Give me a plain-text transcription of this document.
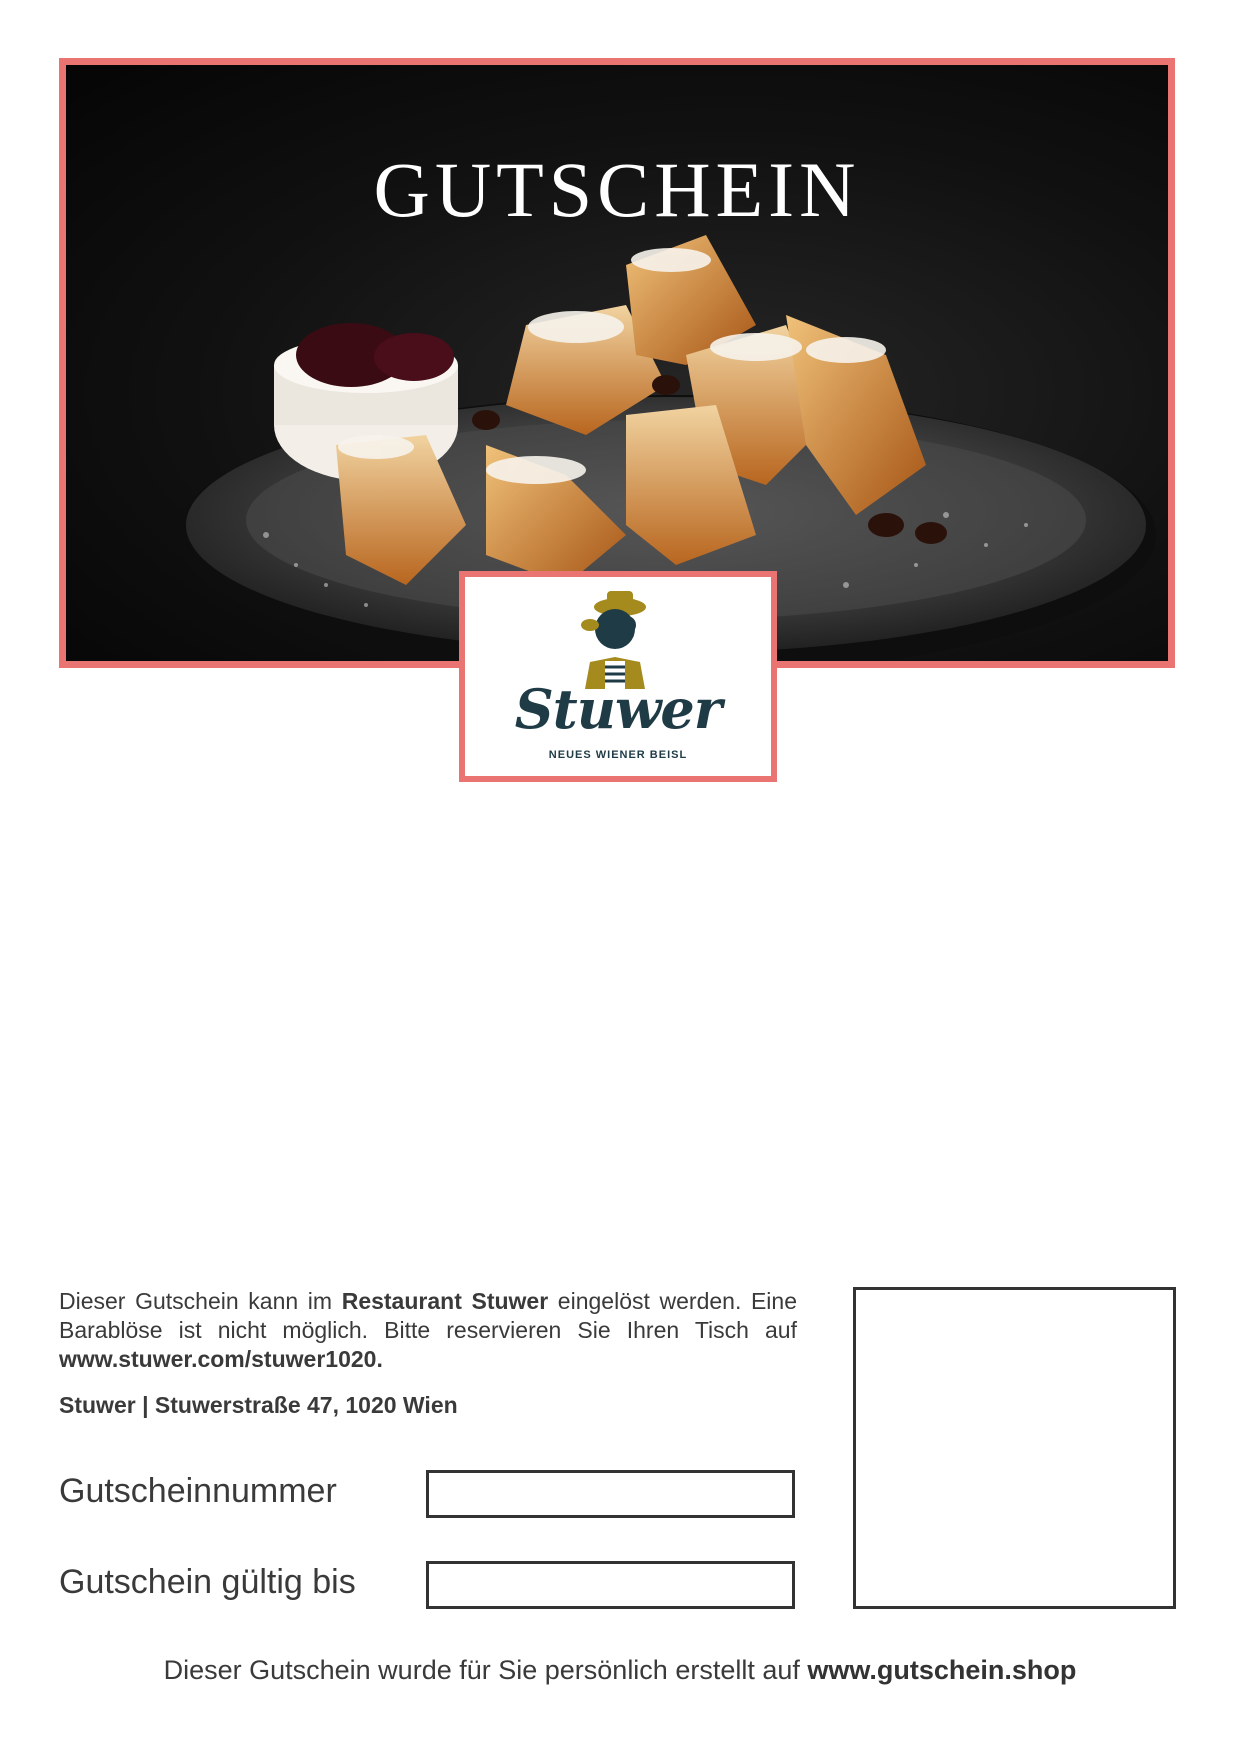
GUTSCHEIN
Stuwer
NEUES WIENER BEISL

Dieser Gutschein kann im Restaurant Stuwer eingelöst werden. Eine Barablöse ist nicht möglich. Bitte reservieren Sie Ihren Tisch auf www.stuwer.com/stuwer1020.

Stuwer | Stuwerstraße 47, 1020 Wien
Gutscheinnummer
Gutschein gültig bis
Dieser Gutschein wurde für Sie persönlich erstellt auf www.gutschein.shop
